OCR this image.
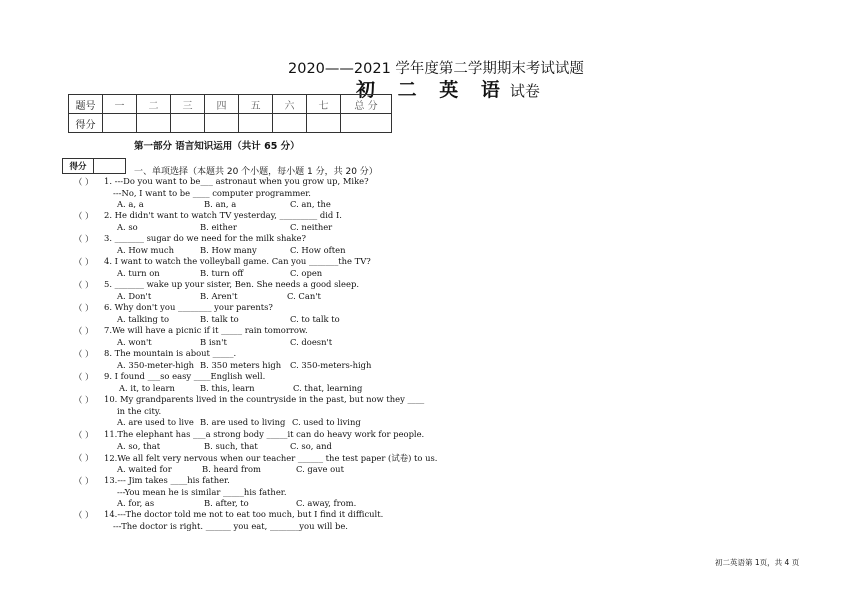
2020——2021 学年度第二学期期末考试试题
初 二 英 语 试卷
题号	一	二	三	四	五	六	七	总 分
得分								
第一部分 语言知识运用（共计 65 分）
得分		一、单项选择（本题共 20 个小题，每小题 1 分，共 20 分）
（ ） 1. ---Do you want to be___ astronaut when you grow up, Mike?
---No, I want to be ____ computer programmer.
A. a, a	B. an, a	C. an, the
（ ） 2. He didn't want to watch TV yesterday, _________ did I.
A. so	B. either	C. neither
（ ） 3. _______ sugar do we need for the milk shake?
A. How much	B. How many	C. How often
（ ） 4. I want to watch the volleyball game. Can you _______the TV?
A. turn on	B. turn off	C. open
（ ） 5. _______ wake up your sister, Ben. She needs a good sleep.
A. Don't	B. Aren't	C. Can't
（ ） 6. Why don't you ________ your parents?
A. talking to	B. talk to	C. to talk to
（ ） 7.We will have a picnic if it _____ rain tomorrow.
A. won't	B isn't	C. doesn't
（ ） 8. The mountain is about _____.
A. 350-meter-high B. 350 meters high C. 350-meters-high
（ ） 9. I found ___so easy ____English well.
A. it, to learn	B. this, learn	C. that, learning
（ ） 10. My grandparents lived in the countryside in the past, but now they ____
in the city.
A. are used to live B. are used to living C. used to living
（ ） 11.The elephant has ___a strong body _____it can do heavy work for people.
A. so, that	B. such, that	C. so, and
（ ） 12.We all felt very nervous when our teacher ______ the test paper (试卷) to us.
A. waited for	B. heard from	C. gave out
（ ） 13.--- Jim takes ____his father.
---You mean he is similar _____his father.
A. for, as	B. after, to	C. away, from.
（ ） 14.---The doctor told me not to eat too much, but I find it difficult.
---The doctor is right. ______ you eat, _______you will be.
初二英语第 1页，共 4 页
